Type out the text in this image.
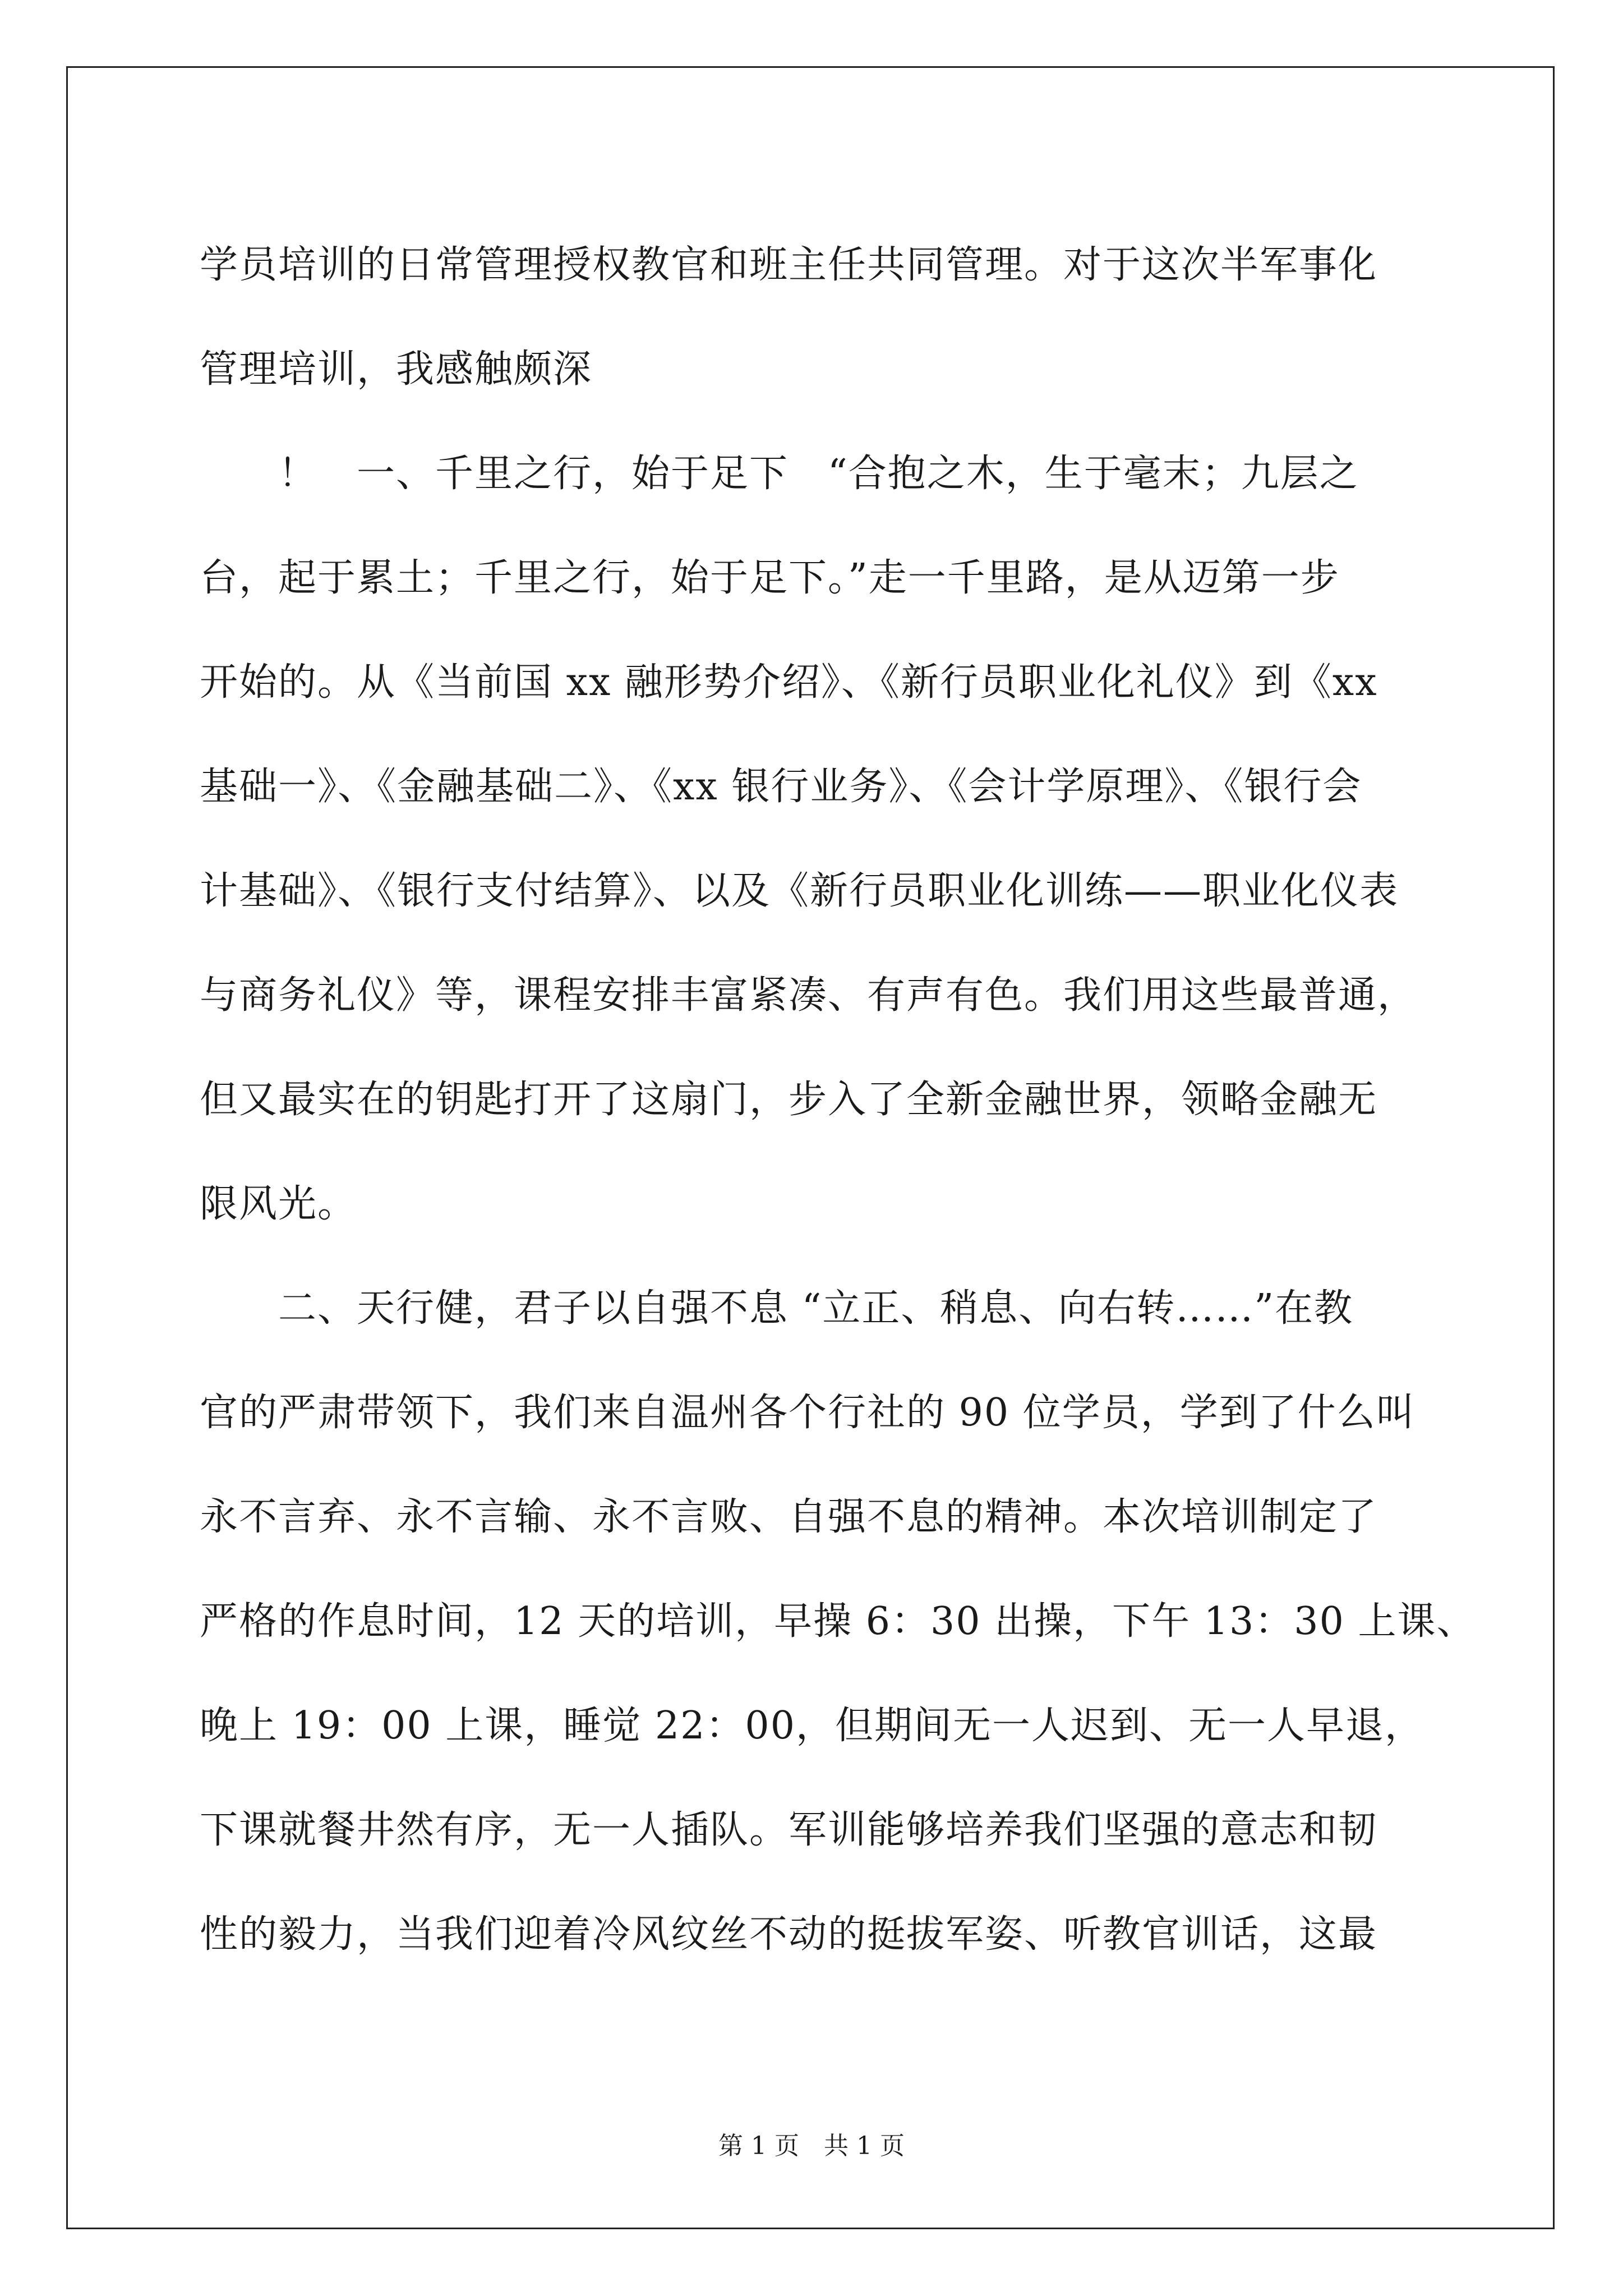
学员培训的日常管理授权教官和班主任共同管理。对于这次半军事化
管理培训，我感触颇深
　　！　一、千里之行，始于足下　“合抱之木，生于毫末；九层之
台，起于累土；千里之行，始于足下。”走一千里路，是从迈第一步
开始的。从《当前国 xx 融形势介绍》、《新行员职业化礼仪》到《xx
基础一》、《金融基础二》、《xx 银行业务》、《会计学原理》、《银行会
计基础》、《银行支付结算》、以及《新行员职业化训练——职业化仪表
与商务礼仪》等，课程安排丰富紧凑、有声有色。我们用这些最普通，
但又最实在的钥匙打开了这扇门，步入了全新金融世界，领略金融无
限风光。
　　二、天行健，君子以自强不息 “立正、稍息、向右转……”在教
官的严肃带领下，我们来自温州各个行社的 90 位学员，学到了什么叫
永不言弃、永不言输、永不言败、自强不息的精神。本次培训制定了
严格的作息时间，12 天的培训，早操 6：30 出操，下午 13：30 上课、
晚上 19：00 上课，睡觉 22：00，但期间无一人迟到、无一人早退，
下课就餐井然有序，无一人插队。军训能够培养我们坚强的意志和韧
性的毅力，当我们迎着冷风纹丝不动的挺拔军姿、听教官训话，这最
第 1 页　共 1 页
